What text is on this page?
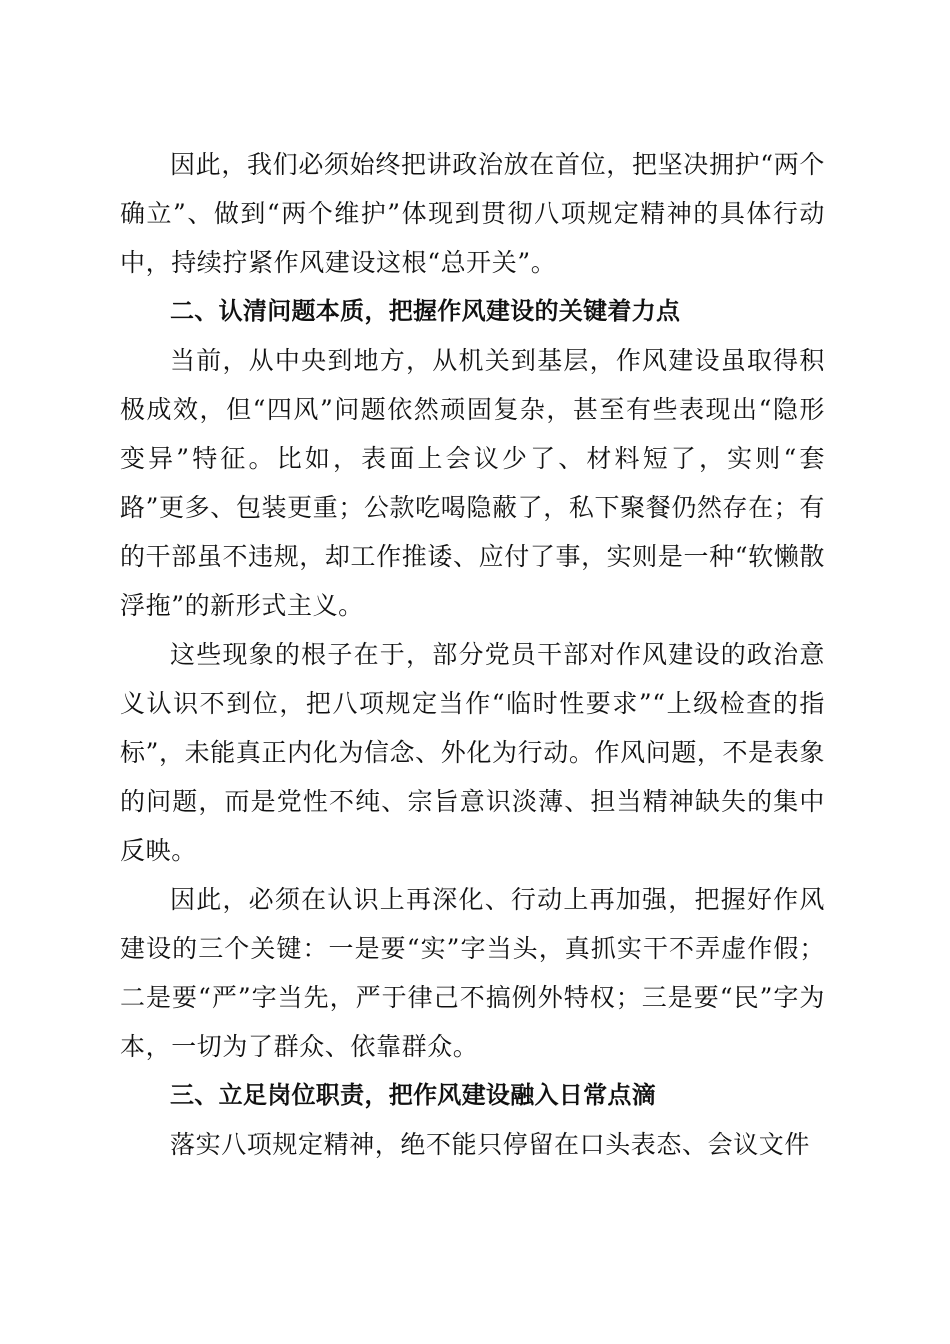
因此，我们必须始终把讲政治放在首位，把坚决拥护“两个确立”、做到“两个维护”体现到贯彻八项规定精神的具体行动中，持续拧紧作风建设这根“总开关”。

二、认清问题本质，把握作风建设的关键着力点

当前，从中央到地方，从机关到基层，作风建设虽取得积极成效，但“四风”问题依然顽固复杂，甚至有些表现出“隐形变异”特征。比如，表面上会议少了、材料短了，实则“套路”更多、包装更重；公款吃喝隐蔽了，私下聚餐仍然存在；有的干部虽不违规，却工作推诿、应付了事，实则是一种“软懒散浮拖”的新形式主义。

这些现象的根子在于，部分党员干部对作风建设的政治意义认识不到位，把八项规定当作“临时性要求”“上级检查的指标”，未能真正内化为信念、外化为行动。作风问题，不是表象的问题，而是党性不纯、宗旨意识淡薄、担当精神缺失的集中反映。

因此，必须在认识上再深化、行动上再加强，把握好作风建设的三个关键：一是要“实”字当头，真抓实干不弄虚作假；二是要“严”字当先，严于律己不搞例外特权；三是要“民”字为本，一切为了群众、依靠群众。

三、立足岗位职责，把作风建设融入日常点滴

落实八项规定精神，绝不能只停留在口头表态、会议文件
